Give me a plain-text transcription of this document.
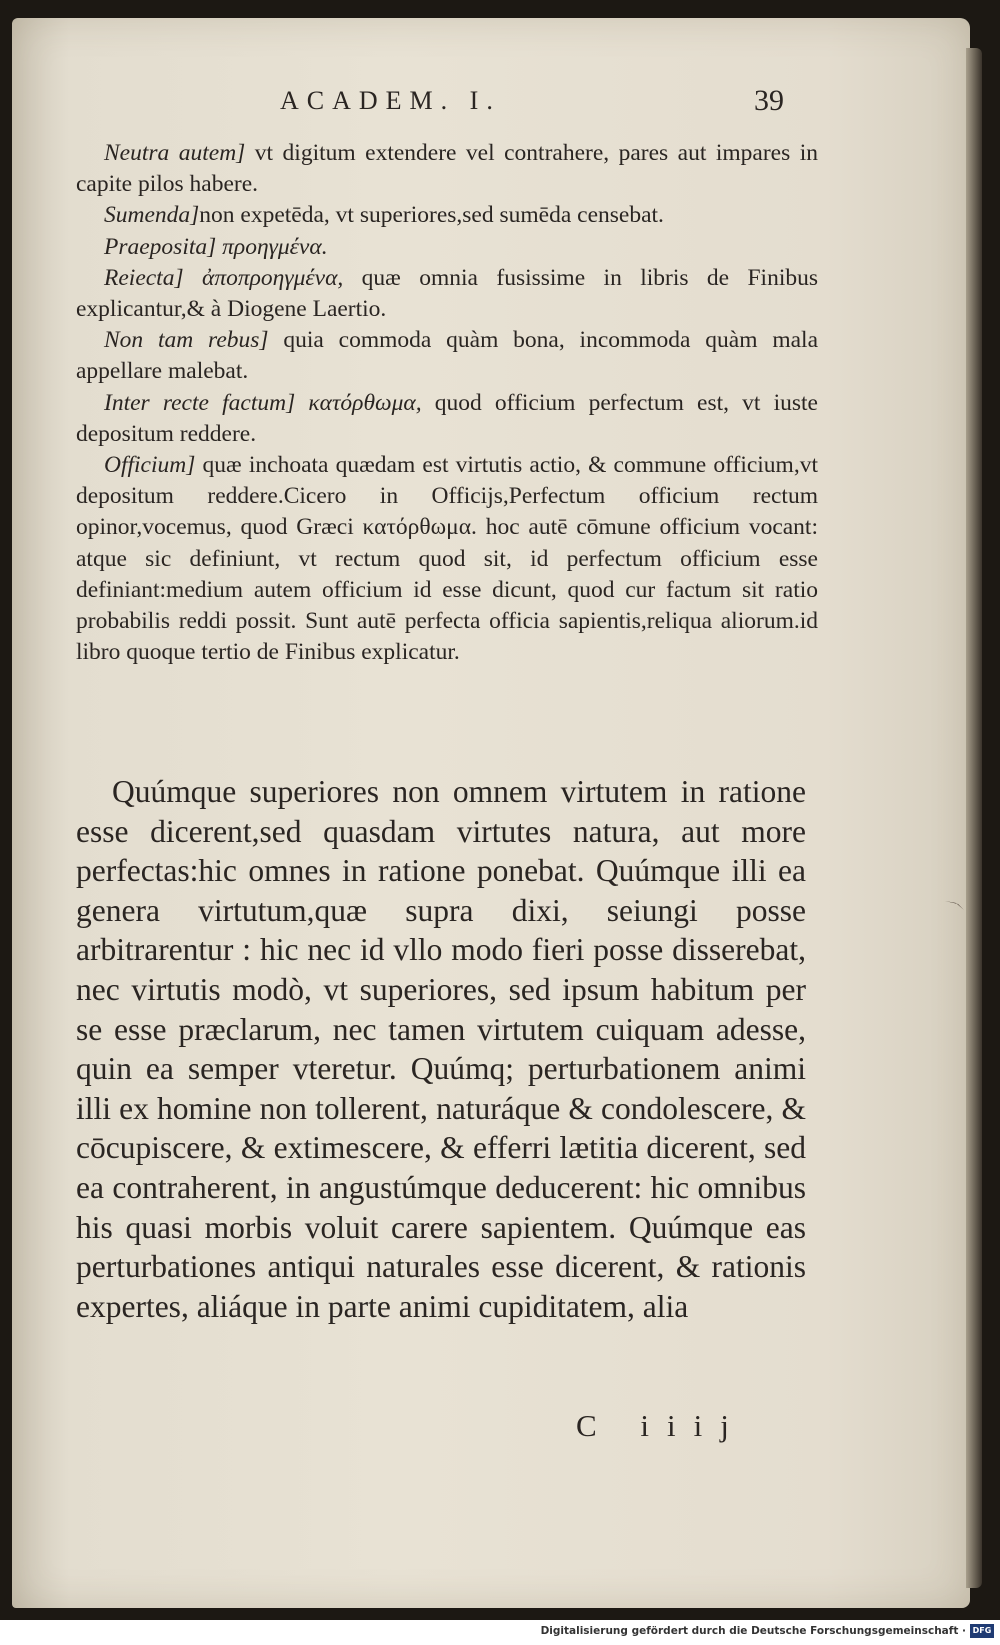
ACADEM. I.	39

Neutra autem] vt digitum extendere vel contrahere, pares aut impares in capite pilos habere.

Sumenda]non expetēda, vt superiores,sed sumēda censebat.

Praeposita] προηγμένα.

Reiecta] ἀποπροηγμένα, quæ omnia fusissime in libris de Finibus explicantur,& à Diogene Laertio.

Non tam rebus] quia commoda quàm bona, incommoda quàm mala appellare malebat.

Inter recte factum] κατόρθωμα, quod officium perfectum est, vt iuste depositum reddere.

Officium] quæ inchoata quædam est virtutis actio, & commune officium,vt depositum reddere.Cicero in Officijs,Perfectum officium rectum opinor,vocemus, quod Græci κατόρθωμα. hoc autē cōmune officium vocant: atque sic definiunt, vt rectum quod sit, id perfectum officium esse definiant:medium autem officium id esse dicunt, quod cur factum sit ratio probabilis reddi possit. Sunt autē perfecta officia sapientis,reliqua aliorum.id libro quoque tertio de Finibus explicatur.

Quúmque superiores non omnem virtutem in ratione esse dicerent,sed quasdam virtutes natura, aut more perfectas:hic omnes in ratione ponebat. Quúmque illi ea genera virtutum,quæ supra dixi, seiungi posse arbitrarentur : hic nec id vllo modo fieri posse disserebat, nec virtutis modò, vt superiores, sed ipsum habitum per se esse præclarum, nec tamen virtutem cuiquam adesse, quin ea semper vteretur. Quúmq; perturbationem animi illi ex homine non tollerent, naturáque & condolescere, & cōcupiscere, & extimescere, & efferri lætitia dicerent, sed ea contraherent, in angustúmque deducerent: hic omnibus his quasi morbis voluit carere sapientem. Quúmque eas perturbationes antiqui naturales esse dicerent, & rationis expertes, aliáque in parte animi cupiditatem, alia

C iiij
Digitalisierung gefördert durch die Deutsche Forschungsgemeinschaft · DFG
